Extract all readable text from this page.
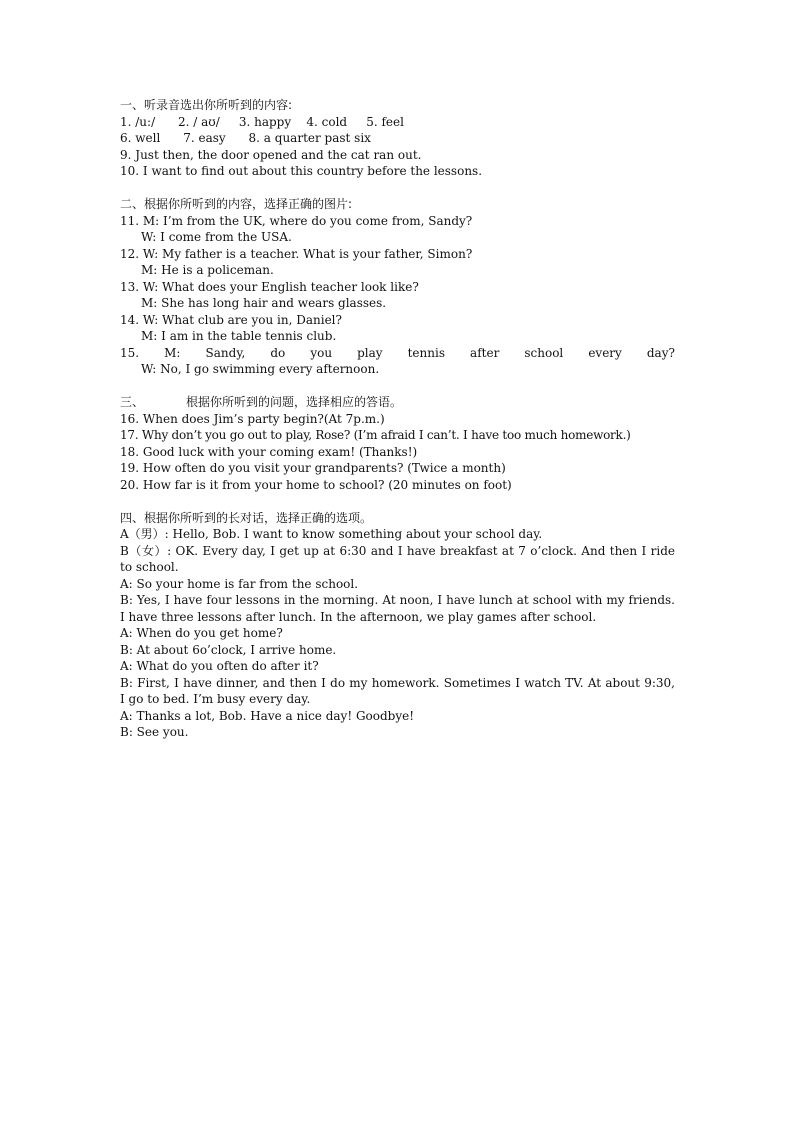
一、听录音选出你所听到的内容:
1. /u:/      2. / aʊ/     3. happy    4. cold     5. feel
6. well      7. easy      8. a quarter past six
9. Just then, the door opened and the cat ran out.
10. I want to find out about this country before the lessons.
二、根据你所听到的内容，选择正确的图片:
11. M: I’m from the UK, where do you come from, Sandy?
W: I come from the USA.
12. W: My father is a teacher. What is your father, Simon?
M: He is a policeman.
13. W: What does your English teacher look like?
M: She has long hair and wears glasses.
14. W: What club are you in, Daniel?
M: I am in the table tennis club.
15. M: Sandy, do you play tennis after school every day?
W: No, I go swimming every afternoon.
三、	根据你所听到的问题，选择相应的答语。
16. When does Jim’s party begin?(At 7p.m.)
17. Why don’t you go out to play, Rose? (I’m afraid I can’t. I have too much homework.)
18. Good luck with your coming exam! (Thanks!)
19. How often do you visit your grandparents? (Twice a month)
20. How far is it from your home to school? (20 minutes on foot)
四、根据你所听到的长对话，选择正确的选项。
A（男）: Hello, Bob. I want to know something about your school day.
B（女）: OK. Every day, I get up at 6:30 and I have breakfast at 7 o’clock. And then I ride to school.
A: So your home is far from the school.
B: Yes, I have four lessons in the morning. At noon, I have lunch at school with my friends. I have three lessons after lunch. In the afternoon, we play games after school.
A: When do you get home?
B: At about 6o’clock, I arrive home.
A: What do you often do after it?
B: First, I have dinner, and then I do my homework. Sometimes I watch TV. At about 9:30, I go to bed. I’m busy every day.
A: Thanks a lot, Bob. Have a nice day! Goodbye!
B: See you.
